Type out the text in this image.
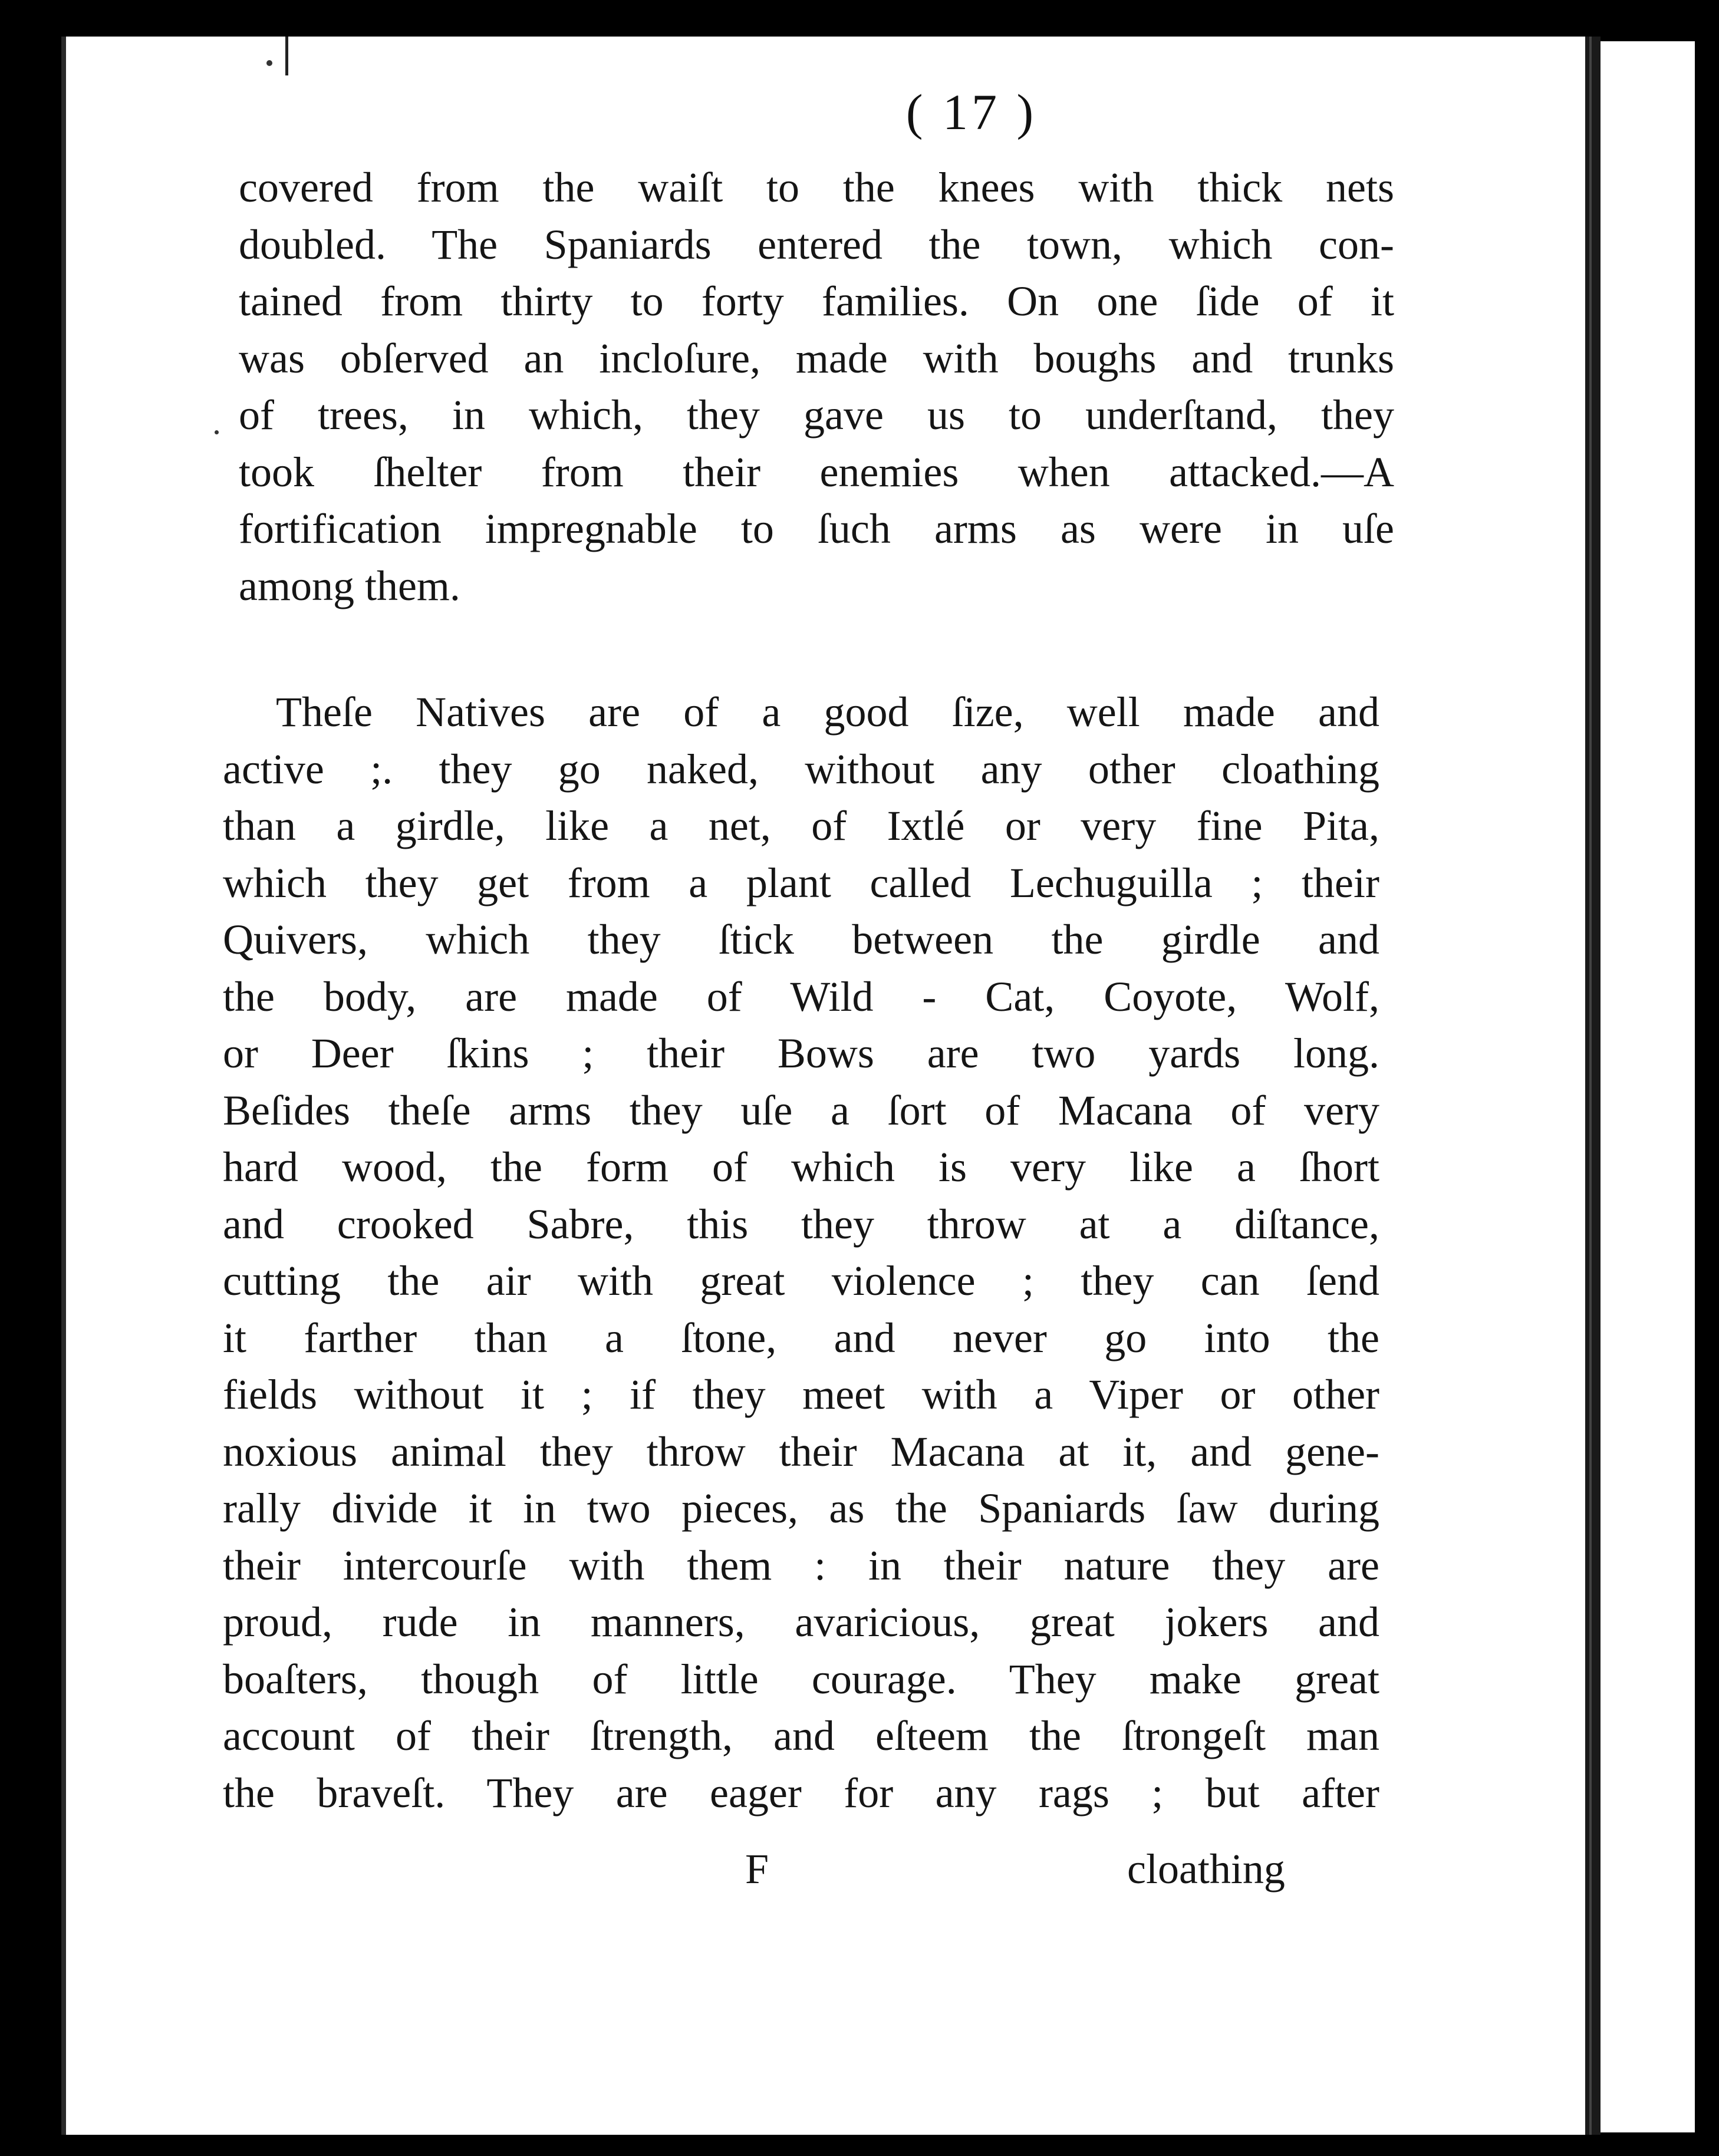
( 17 )
covered from the waiſt to the knees with thick nets
doubled. The Spaniards entered the town, which con-
tained from thirty to forty families. On one ſide of it
was obſerved an incloſure, made with boughs and trunks
of trees, in which, they gave us to underſtand, they
took ſhelter from their enemies when attacked.—A
fortification impregnable to ſuch arms as were in uſe
among them.
Theſe Natives are of a good ſize, well made and
active ;. they go naked, without any other cloathing
than a girdle, like a net, of Ixtlé or very fine Pita,
which they get from a plant called Lechuguilla ; their
Quivers, which they ſtick between the girdle and
the body, are made of Wild - Cat, Coyote, Wolf,
or Deer ſkins ; their Bows are two yards long.
Beſides theſe arms they uſe a ſort of Macana of very
hard wood, the form of which is very like a ſhort
and crooked Sabre, this they throw at a diſtance,
cutting the air with great violence ; they can ſend
it farther than a ſtone, and never go into the
fields without it ; if they meet with a Viper or other
noxious animal they throw their Macana at it, and gene-
rally divide it in two pieces, as the Spaniards ſaw during
their intercourſe with them : in their nature they are
proud, rude in manners, avaricious, great jokers and
boaſters, though of little courage. They make great
account of their ſtrength, and eſteem the ſtrongeſt man
the braveſt. They are eager for any rags ; but after
F	cloathing
